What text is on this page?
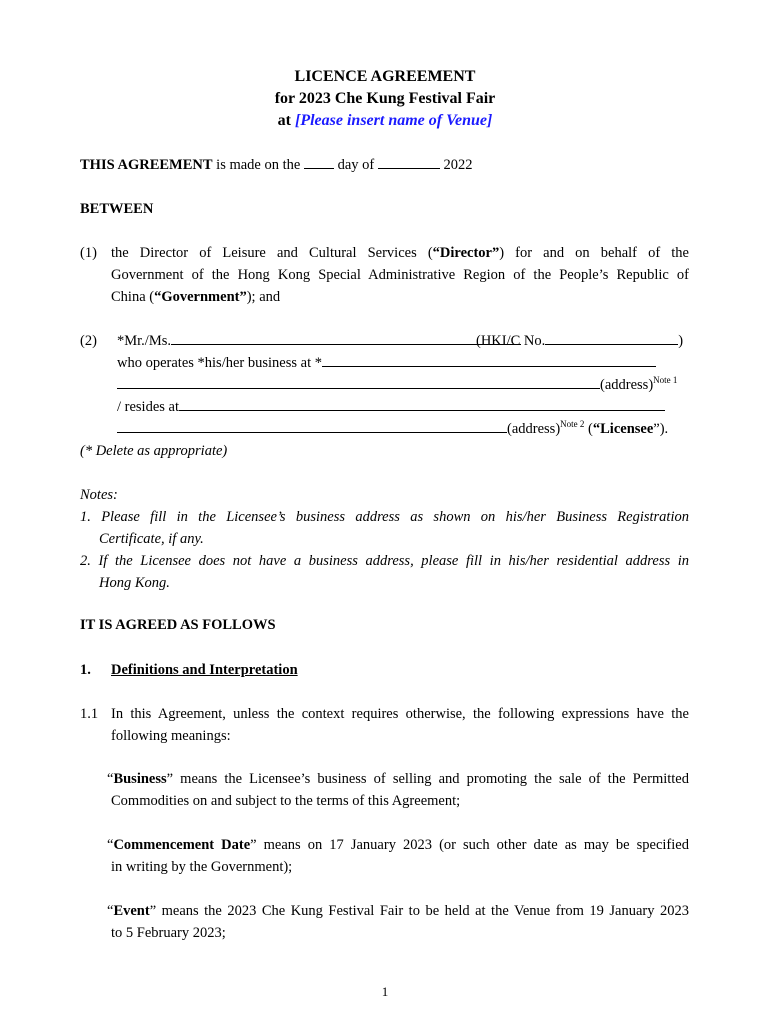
LICENCE AGREEMENT
for 2023 Che Kung Festival Fair
at [Please insert name of Venue]
THIS AGREEMENT is made on the  day of	2022
BETWEEN
(1) the Director of Leisure and Cultural Services (“Director”) for and on behalf of the
Government of the Hong Kong Special Administrative Region of the People’s Republic of
China (“Government”); and
(2) *Mr./Ms.	(HKI/C No.	)
who operates *his/her business at *
(address)$^{Note 1}$
/ resides at
(address)$^{Note 2}$ (“Licensee”).
(* Delete as appropriate)
Notes:
1. Please fill in the Licensee’s business address as shown on his/her Business Registration
Certificate, if any.
2. If the Licensee does not have a business address, please fill in his/her residential address in
Hong Kong.
IT IS AGREED AS FOLLOWS
1. Definitions and Interpretation
1.1 In this Agreement, unless the context requires otherwise, the following expressions have the
following meanings:
“Business” means the Licensee’s business of selling and promoting the sale of the Permitted
Commodities on and subject to the terms of this Agreement;
“Commencement Date” means on 17 January 2023 (or such other date as may be specified
in writing by the Government);
“Event” means the 2023 Che Kung Festival Fair to be held at the Venue from 19 January 2023
to 5 February 2023;
1
